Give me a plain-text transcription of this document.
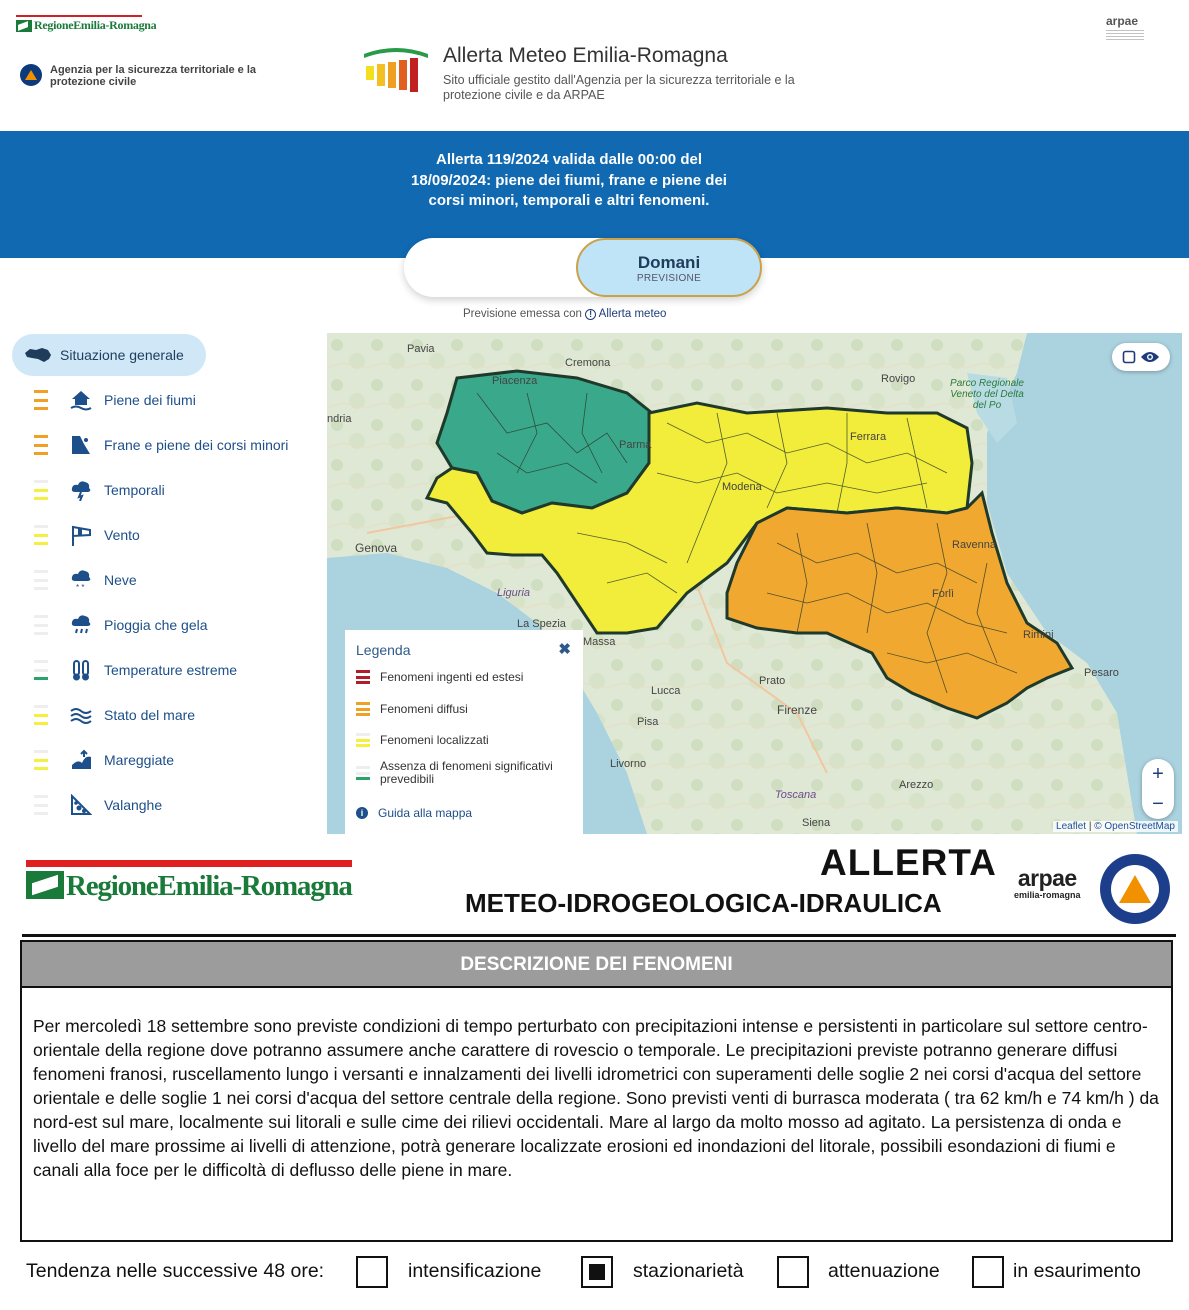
RegioneEmilia-Romagna
Agenzia per la sicurezza territoriale e la protezione civile
Allerta Meteo Emilia-Romagna
Sito ufficiale gestito dall'Agenzia per la sicurezza territoriale e la protezione civile e da ARPAE
arpae
Allerta 119/2024 valida dalle 00:00 del 18/09/2024: piene dei fiumi, frane e piene dei corsi minori, temporali e altri fenomeni.
Domani
PREVISIONE
Previsione emessa con ! Allerta meteo
Situazione generale
Piene dei fiumi
Frane e piene dei corsi minori
Temporali
Vento
* * Neve
Pioggia che gela
Temperature estreme
Stato del mare
Mareggiate
Valanghe
Pavia
Cremona
Rovigo	Parco Regionale Veneto del Delta del Po
Piacenza
Parma
Ferrara
Modena
Ravenna
Genova
Liguria
La Spezia
Massa
Forlì
Rimini
Pesaro
Prato
Lucca
Firenze
Pisa
Livorno
Arezzo
Toscana
Siena
ndria
+
−
Leaflet | © OpenStreetMap
Legenda	✖
Fenomeni ingenti ed estesi
Fenomeni diffusi
Fenomeni localizzati
Assenza di fenomeni significativi prevedibili
i	Guida alla mappa
RegioneEmilia-Romagna
ALLERTA
METEO-IDROGEOLOGICA-IDRAULICA
arpae
emilia-romagna
DESCRIZIONE DEI FENOMENI
Per mercoledì 18 settembre sono previste condizioni di tempo perturbato con precipitazioni intense e persistenti in particolare sul settore centro-orientale della regione dove potranno assumere anche carattere di rovescio o temporale. Le precipitazioni previste potranno generare diffusi fenomeni franosi, ruscellamento lungo i versanti e innalzamenti dei livelli idrometrici con superamenti delle soglie 2 nei corsi d'acqua del settore orientale e delle soglie 1 nei corsi d'acqua del settore centrale della regione. Sono previsti venti di burrasca moderata ( tra 62 km/h e 74 km/h ) da nord-est sul mare, localmente sui litorali e sulle cime dei rilievi occidentali. Mare al largo da molto mosso ad agitato. La persistenza di onda e livello del mare prossime ai livelli di attenzione, potrà generare localizzate erosioni ed inondazioni del litorale, possibili esondazioni di fiumi e canali alla foce per le difficoltà di deflusso delle piene in mare.
Tendenza nelle successive 48 ore:	intensificazione	stazionarietà	attenuazione	in esaurimento
